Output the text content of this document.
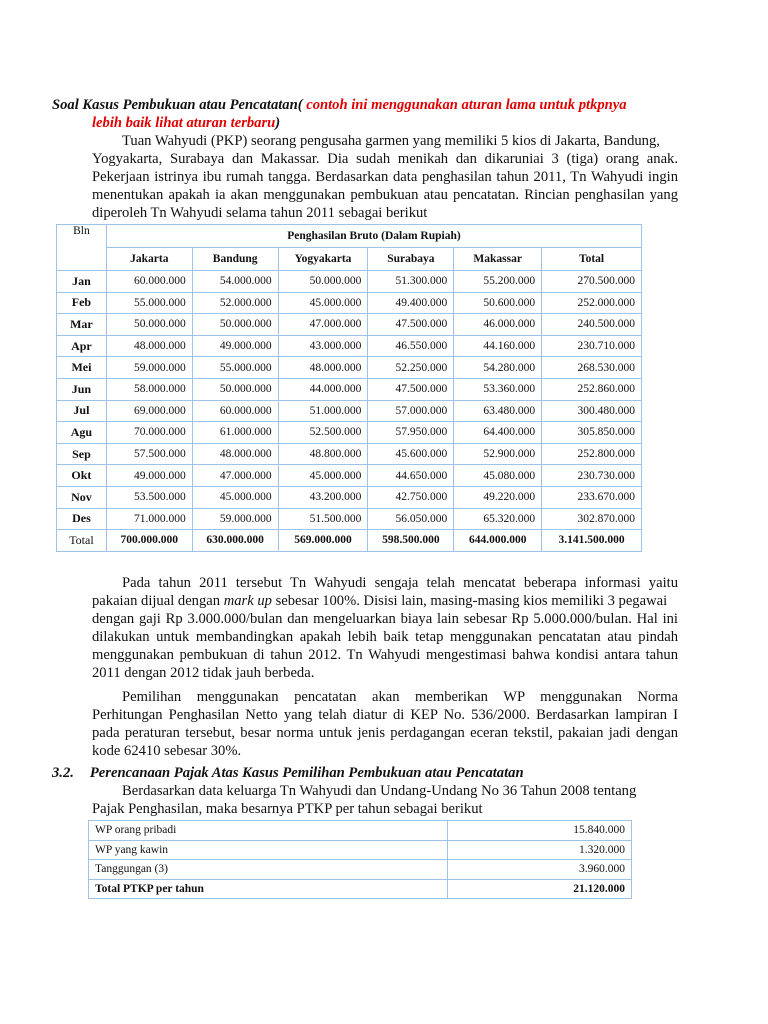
Soal Kasus Pembukuan atau Pencatatan( contoh ini menggunakan aturan lama untuk ptkpnya
lebih baik lihat aturan terbaru)
Tuan Wahyudi (PKP) seorang pengusaha garmen yang memiliki 5 kios di Jakarta, Bandung,
Yogyakarta, Surabaya dan Makassar. Dia sudah menikah dan dikaruniai 3 (tiga) orang anak.
Pekerjaan istrinya ibu rumah tangga. Berdasarkan data penghasilan tahun 2011, Tn Wahyudi ingin
menentukan apakah ia akan menggunakan pembukuan atau pencatatan. Rincian penghasilan yang
diperoleh Tn Wahyudi selama tahun 2011 sebagai berikut
Bln	Penghasilan Bruto (Dalam Rupiah)					
	Jakarta	Bandung	Yogyakarta	Surabaya	Makassar	Total
Jan	60.000.000	54.000.000	50.000.000	51.300.000	55.200.000	270.500.000
Feb	55.000.000	52.000.000	45.000.000	49.400.000	50.600.000	252.000.000
Mar	50.000.000	50.000.000	47.000.000	47.500.000	46.000.000	240.500.000
Apr	48.000.000	49.000.000	43.000.000	46.550.000	44.160.000	230.710.000
Mei	59.000.000	55.000.000	48.000.000	52.250.000	54.280.000	268.530.000
Jun	58.000.000	50.000.000	44.000.000	47.500.000	53.360.000	252.860.000
Jul	69.000.000	60.000.000	51.000.000	57.000.000	63.480.000	300.480.000
Agu	70.000.000	61.000.000	52.500.000	57.950.000	64.400.000	305.850.000
Sep	57.500.000	48.000.000	48.800.000	45.600.000	52.900.000	252.800.000
Okt	49.000.000	47.000.000	45.000.000	44.650.000	45.080.000	230.730.000
Nov	53.500.000	45.000.000	43.200.000	42.750.000	49.220.000	233.670.000
Des	71.000.000	59.000.000	51.500.000	56.050.000	65.320.000	302.870.000
Total	700.000.000	630.000.000	569.000.000	598.500.000	644.000.000	3.141.500.000
Pada tahun 2011 tersebut Tn Wahyudi sengaja telah mencatat beberapa informasi yaitu
pakaian dijual dengan mark up sebesar 100%. Disisi lain, masing-masing kios memiliki 3 pegawai
dengan gaji Rp 3.000.000/bulan dan mengeluarkan biaya lain sebesar Rp 5.000.000/bulan. Hal ini
dilakukan untuk membandingkan apakah lebih baik tetap menggunakan pencatatan atau pindah
menggunakan pembukuan di tahun 2012. Tn Wahyudi mengestimasi bahwa kondisi antara tahun
2011 dengan 2012 tidak jauh berbeda.
Pemilihan menggunakan pencatatan akan memberikan WP menggunakan Norma
Perhitungan Penghasilan Netto yang telah diatur di KEP No. 536/2000. Berdasarkan lampiran I
pada peraturan tersebut, besar norma untuk jenis perdagangan eceran tekstil, pakaian jadi dengan
kode 62410 sebesar 30%.
3.2. Perencanaan Pajak Atas Kasus Pemilihan Pembukuan atau Pencatatan
Berdasarkan data keluarga Tn Wahyudi dan Undang-Undang No 36 Tahun 2008 tentang
Pajak Penghasilan, maka besarnya PTKP per tahun sebagai berikut
WP orang pribadi	15.840.000
WP yang kawin	1.320.000
Tanggungan (3)	3.960.000
Total PTKP per tahun	21.120.000
